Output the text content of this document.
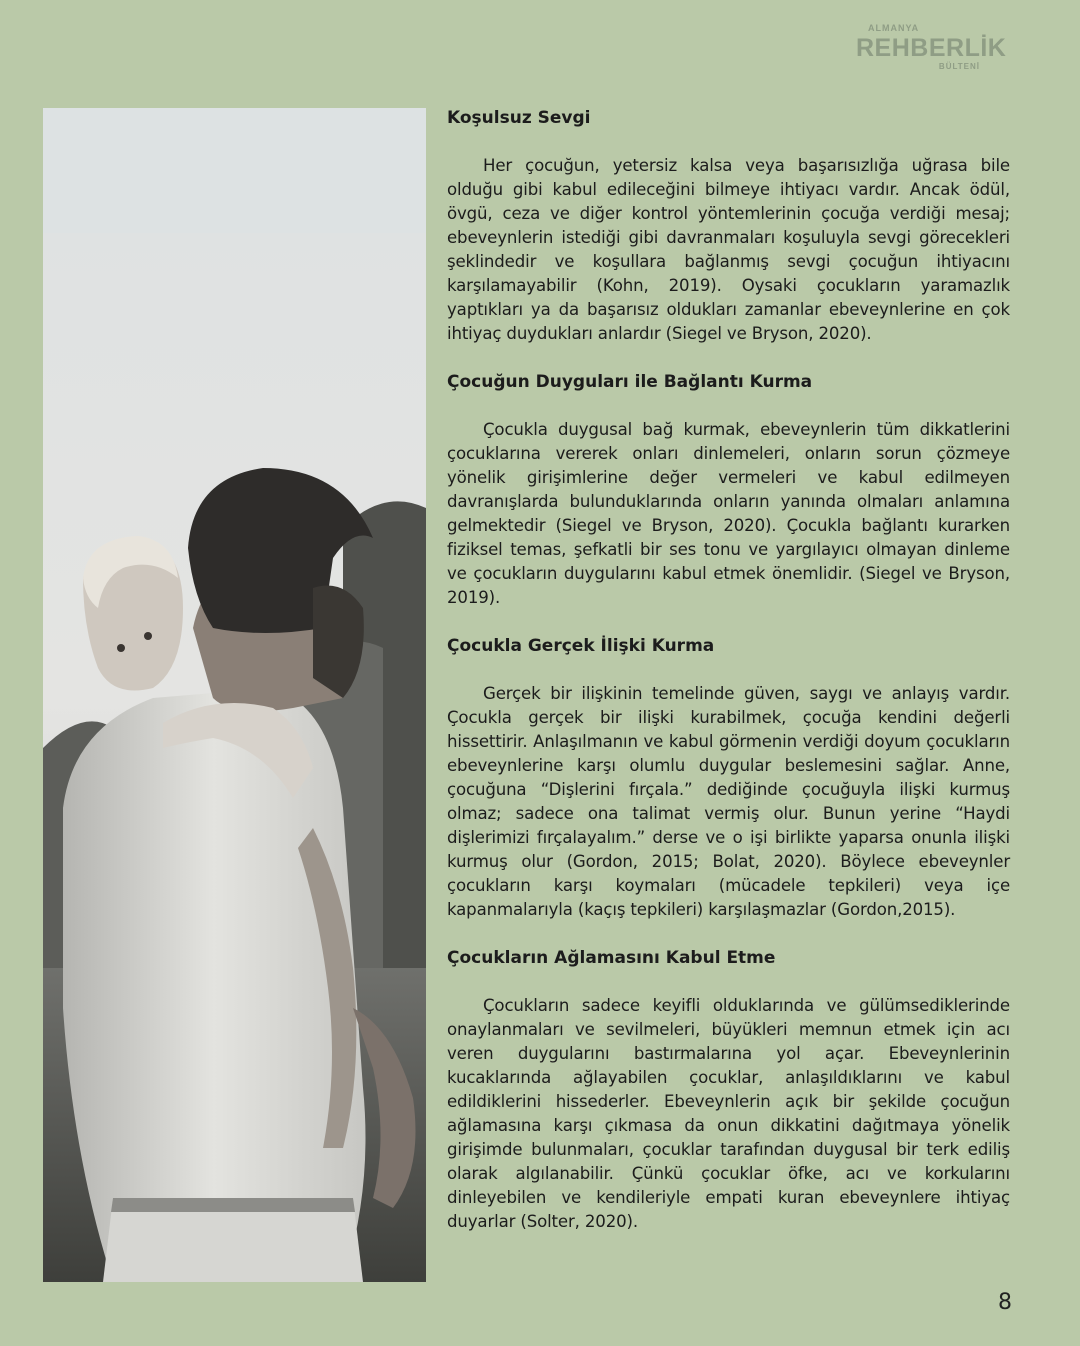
ALMANYA
REHBERLİK
BÜLTENİ
Koşulsuz Sevgi

Her çocuğun, yetersiz kalsa veya başarısızlığa uğrasa bile olduğu gibi kabul edileceğini bilmeye ihtiyacı vardır. Ancak ödül, övgü, ceza ve diğer kontrol yöntemlerinin çocuğa verdiği mesaj; ebeveynlerin istediği gibi davranmaları koşuluyla sevgi görecekleri şeklindedir ve koşullara bağlanmış sevgi çocuğun ihtiyacını karşılamayabilir (Kohn, 2019). Oysaki çocukların yaramazlık yaptıkları ya da başarısız oldukları zamanlar ebeveynlerine en çok ihtiyaç duydukları anlardır (Siegel ve Bryson, 2020).

Çocuğun Duyguları ile Bağlantı Kurma

Çocukla duygusal bağ kurmak, ebeveynlerin tüm dikkatlerini çocuklarına vererek onları dinlemeleri, onların sorun çözmeye yönelik girişimlerine değer vermeleri ve kabul edilmeyen davranışlarda bulunduklarında onların yanında olmaları anlamına gelmektedir (Siegel ve Bryson, 2020). Çocukla bağlantı kurarken fiziksel temas, şefkatli bir ses tonu ve yargılayıcı olmayan dinleme ve çocukların duygularını kabul etmek önemlidir. (Siegel ve Bryson, 2019).

Çocukla Gerçek İlişki Kurma

Gerçek bir ilişkinin temelinde güven, saygı ve anlayış vardır. Çocukla gerçek bir ilişki kurabilmek, çocuğa kendini değerli hissettirir. Anlaşılmanın ve kabul görmenin verdiği doyum çocukların ebeveynlerine karşı olumlu duygular beslemesini sağlar. Anne, çocuğuna “Dişlerini fırçala.” dediğinde çocuğuyla ilişki kurmuş olmaz; sadece ona talimat vermiş olur. Bunun yerine “Haydi dişlerimizi fırçalayalım.” derse ve o işi birlikte yaparsa onunla ilişki kurmuş olur (Gordon, 2015; Bolat, 2020). Böylece ebeveynler çocukların karşı koymaları (mücadele tepkileri) veya içe kapanmalarıyla (kaçış tepkileri) karşılaşmazlar (Gordon,2015).

Çocukların Ağlamasını Kabul Etme

Çocukların sadece keyifli olduklarında ve gülümsediklerinde onaylanmaları ve sevilmeleri, büyükleri memnun etmek için acı veren duygularını bastırmalarına yol açar. Ebeveynlerinin kucaklarında ağlayabilen çocuklar, anlaşıldıklarını ve kabul edildiklerini hissederler. Ebeveynlerin açık bir şekilde çocuğun ağlamasına karşı çıkmasa da onun dikkatini dağıtmaya yönelik girişimde bulunmaları, çocuklar tarafından duygusal bir terk ediliş olarak algılanabilir. Çünkü çocuklar öfke, acı ve korkularını dinleyebilen ve kendileriyle empati kuran ebeveynlere ihtiyaç duyarlar (Solter, 2020).

8
